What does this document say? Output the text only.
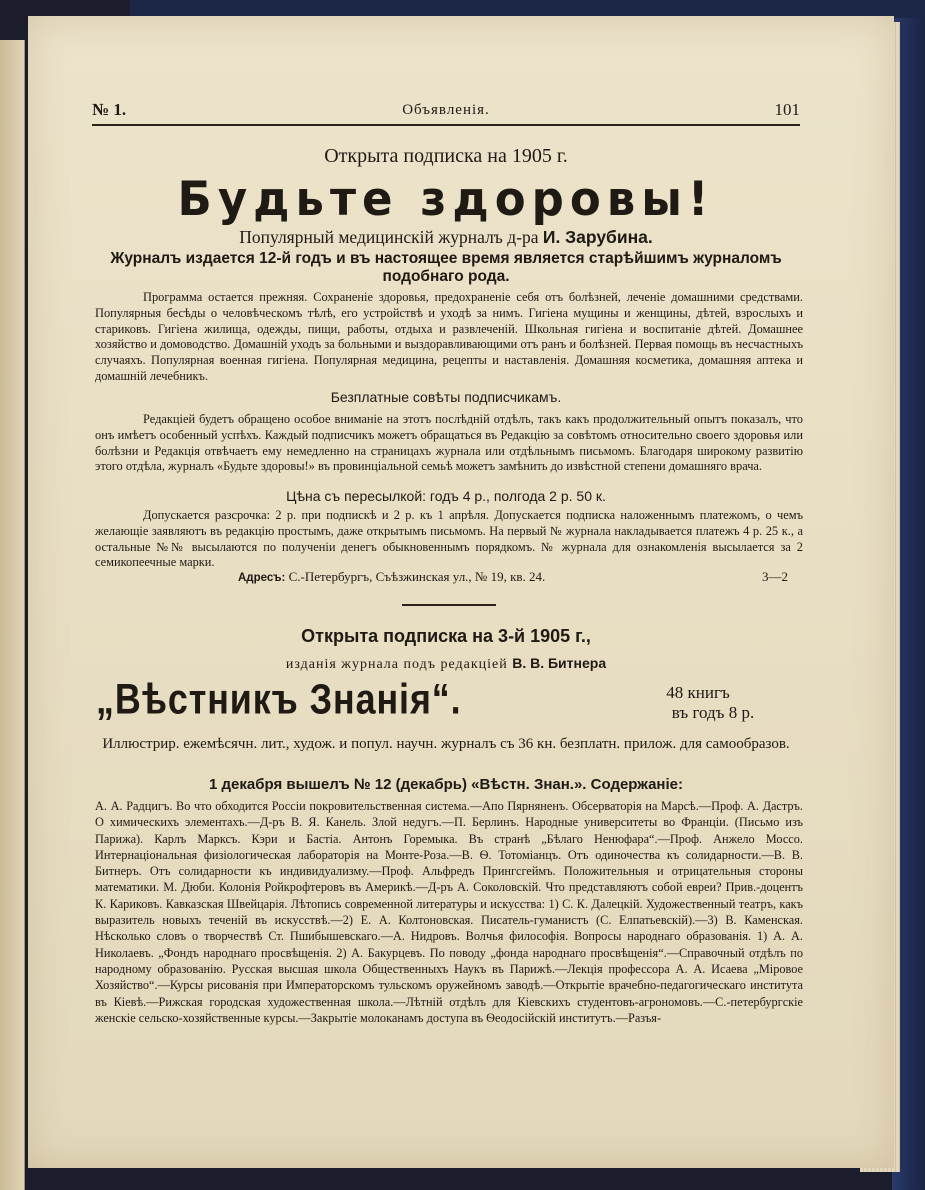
№ 1.	Объявленія.	101
Открыта подписка на 1905 г.
Будьте здоровы!
Популярный медицинскій журналъ д-ра И. Зарубина.
Журналъ издается 12-й годъ и въ настоящее время является старѣйшимъ журналомъ подобнаго рода.

Программа остается прежняя. Сохраненіе здоровья, предохраненіе себя отъ болѣзней, леченіе домашними средствами. Популярныя бесѣды о человѣческомъ тѣлѣ, его устройствѣ и уходѣ за нимъ. Гигіена мущины и женщины, дѣтей, взрослыхъ и стариковъ. Гигіена жилища, одежды, пищи, работы, отдыха и развлеченій. Школьная гигіена и воспитаніе дѣтей. Домашнее хозяйство и домоводство. Домашній уходъ за больными и выздоравливающими отъ ранъ и болѣзней. Первая помощь въ несчастныхъ случаяхъ. Популярная военная гигіена. Популярная медицина, рецепты и наставленія. Домашняя косметика, домашняя аптека и домашній лечебникъ.

Безплатные совѣты подписчикамъ.

Редакціей будетъ обращено особое вниманіе на этотъ послѣдній отдѣлъ, такъ какъ продолжительный опытъ показалъ, что онъ имѣетъ особенный успѣхъ. Каждый подписчикъ можетъ обращаться въ Редакцію за совѣтомъ относительно своего здоровья или болѣзни и Редакція отвѣчаетъ ему немедленно на страницахъ журнала или отдѣльнымъ письмомъ. Благодаря широкому развитію этого отдѣла, журналъ «Будьте здоровы!» въ провинціальной семьѣ можетъ замѣнить до извѣстной степени домашняго врача.

Цѣна съ пересылкой: годъ 4 р., полгода 2 р. 50 к.

Допускается разсрочка: 2 р. при подпискѣ и 2 р. къ 1 апрѣля. Допускается подписка наложеннымъ платежомъ, о чемъ желающіе заявляютъ въ редакцію простымъ, даже открытымъ письмомъ. На первый № журнала накладывается платежъ 4 р. 25 к., а остальные №№ высылаются по полученіи денегъ обыкновеннымъ порядкомъ. № журнала для ознакомленія высылается за 2 семикопеечные марки.

Адресъ: С.-Петербургъ, Съѣзжинская ул., № 19, кв. 24.	3—2
Открыта подписка на 3-й 1905 г.,
изданія журнала подъ редакціей В. В. Битнера
„Вѣстникъ Знанія“.	48 книгъ
въ годъ 8 р.
Иллюстрир. ежемѣсячн. лит., худож. и попул. научн. журналъ съ 36 кн. безплатн. прилож. для самообразов.
1 декабря вышелъ № 12 (декабрь) «Вѣстн. Знан.». Содержаніе:

А. А. Радцигъ. Во что обходится Россіи покровительственная система.—Апо Пярняненъ. Обсерваторія на Марсѣ.—Проф. А. Дастръ. О химическихъ элементахъ.—Д-ръ В. Я. Канель. Злой недугъ.—П. Берлинъ. Народные университеты во Франціи. (Письмо изъ Парижа). Карлъ Марксъ. Кэри и Бастіа. Антонъ Горемыка. Въ странѣ „Бѣлаго Ненюфара“.—Проф. Анжело Моссо. Интернаціональная физіологическая лабораторія на Монте-Роза.—В. Ѳ. Тотоміанцъ. Отъ одиночества къ солидарности.—В. В. Битнеръ. Отъ солидарности къ индивидуализму.—Проф. Альфредъ Прингсгеймъ. Положительныя и отрицательныя стороны математики. М. Дюби. Колонія Ройкрофтеровъ въ Америкѣ.—Д-ръ А. Соколовскій. Что представляютъ собой евреи? Прив.-доцентъ К. Кариковъ. Кавказская Швейцарія. Лѣтопись современной литературы и искусства: 1) С. К. Далецкій. Художественный театръ, какъ выразитель новыхъ теченій въ искусствѣ.—2) Е. А. Колтоновская. Писатель-гуманистъ (С. Елпатьевскій).—3) В. Каменская. Нѣсколько словъ о творчествѣ Ст. Пшибышевскаго.—А. Нидровъ. Волчья философія. Вопросы народнаго образованія. 1) А. А. Николаевъ. „Фондъ народнаго просвѣщенія. 2) А. Бакурцевъ. По поводу „фонда народнаго просвѣщенія“.—Справочный отдѣлъ по народному образованію. Русская высшая школа Общественныхъ Наукъ въ Парижѣ.—Лекція профессора А. А. Исаева „Міровое Хозяйство“.—Курсы рисованія при Императорскомъ тульскомъ оружейномъ заводѣ.—Открытіе врачебно-педагогическаго института въ Кіевѣ.—Рижская городская художественная школа.—Лѣтній отдѣлъ для Кіевскихъ студентовъ-агрономовъ.—С.-петербургскіе женскіе сельско-хозяйственные курсы.—Закрытіе молоканамъ доступа въ Ѳеодосійскій институтъ.—Разъя-
